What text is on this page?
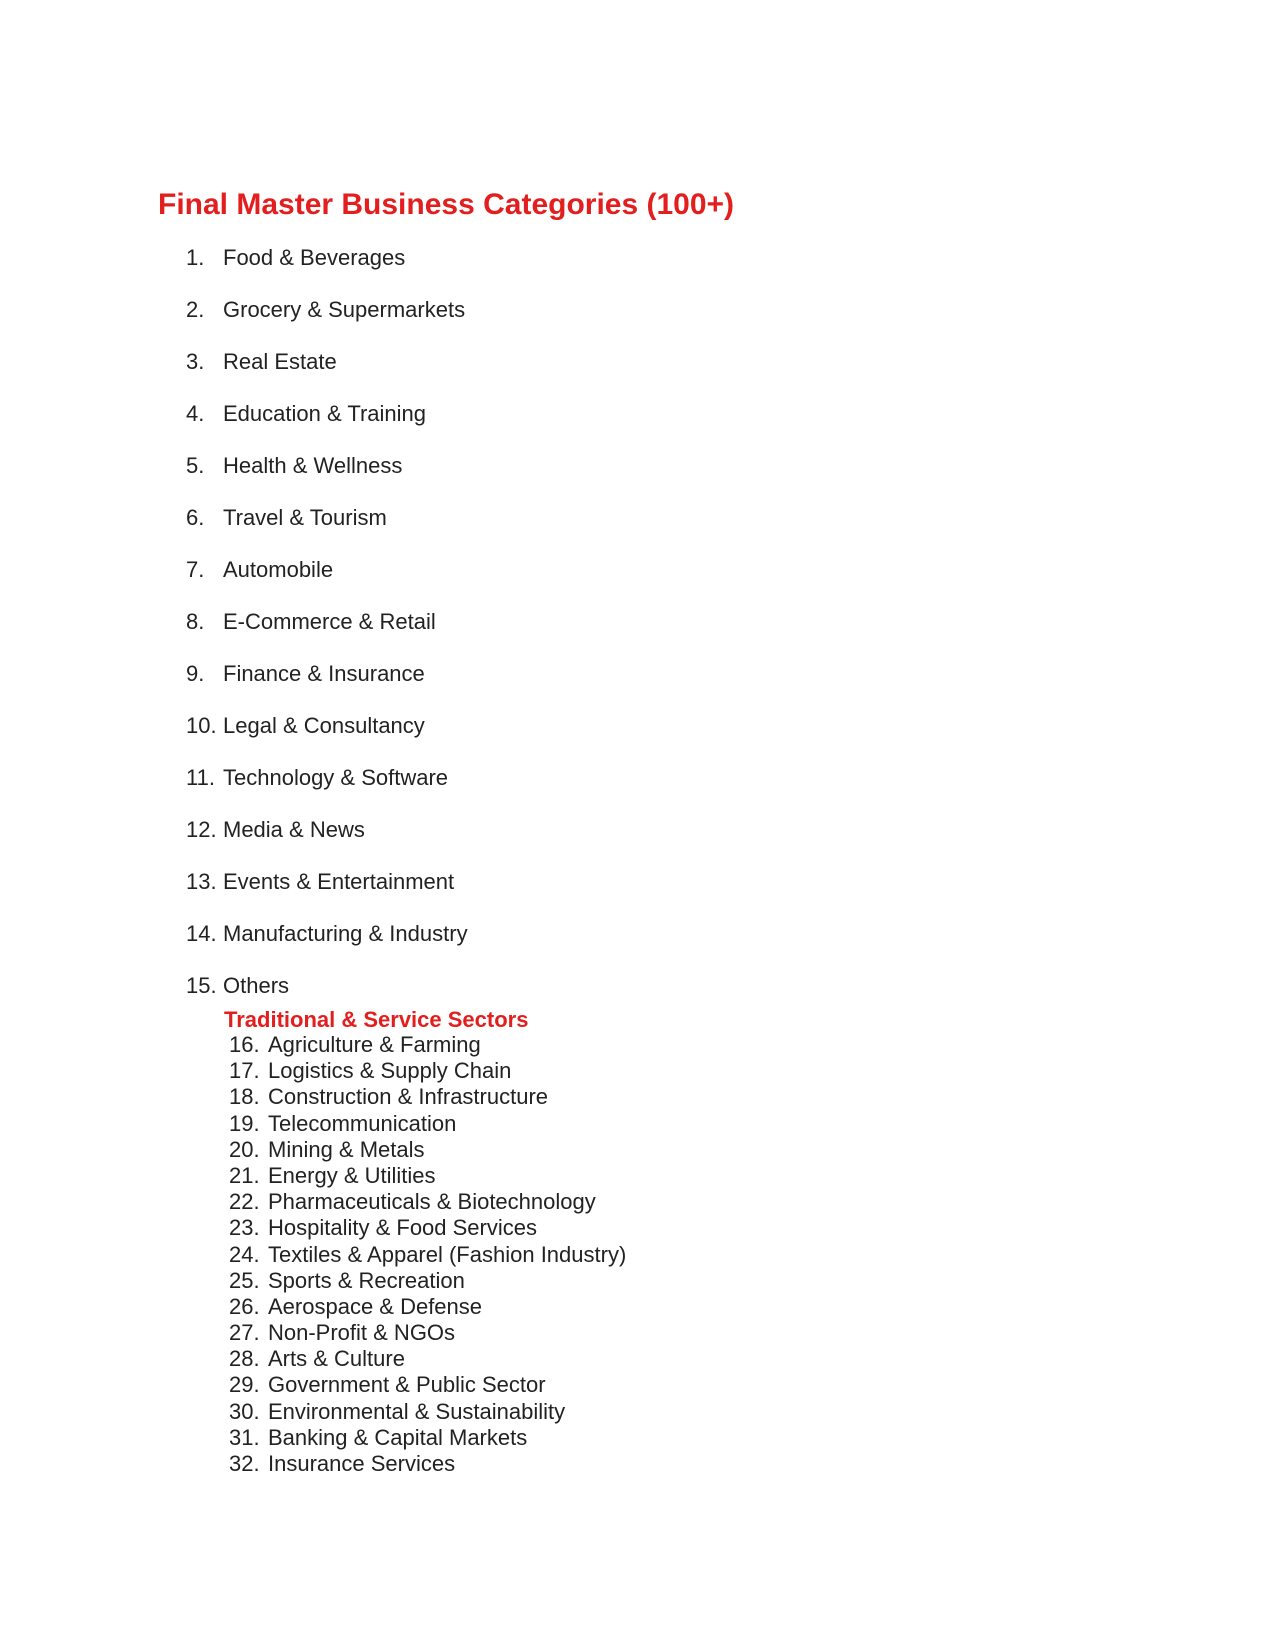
Final Master Business Categories (100+)
1. Food & Beverages
2. Grocery & Supermarkets
3. Real Estate
4. Education & Training
5. Health & Wellness
6. Travel & Tourism
7. Automobile
8. E-Commerce & Retail
9. Finance & Insurance
10. Legal & Consultancy
11. Technology & Software
12. Media & News
13. Events & Entertainment
14. Manufacturing & Industry
15. Others
Traditional & Service Sectors
16. Agriculture & Farming
17. Logistics & Supply Chain
18. Construction & Infrastructure
19. Telecommunication
20. Mining & Metals
21. Energy & Utilities
22. Pharmaceuticals & Biotechnology
23. Hospitality & Food Services
24. Textiles & Apparel (Fashion Industry)
25. Sports & Recreation
26. Aerospace & Defense
27. Non-Profit & NGOs
28. Arts & Culture
29. Government & Public Sector
30. Environmental & Sustainability
31. Banking & Capital Markets
32. Insurance Services
